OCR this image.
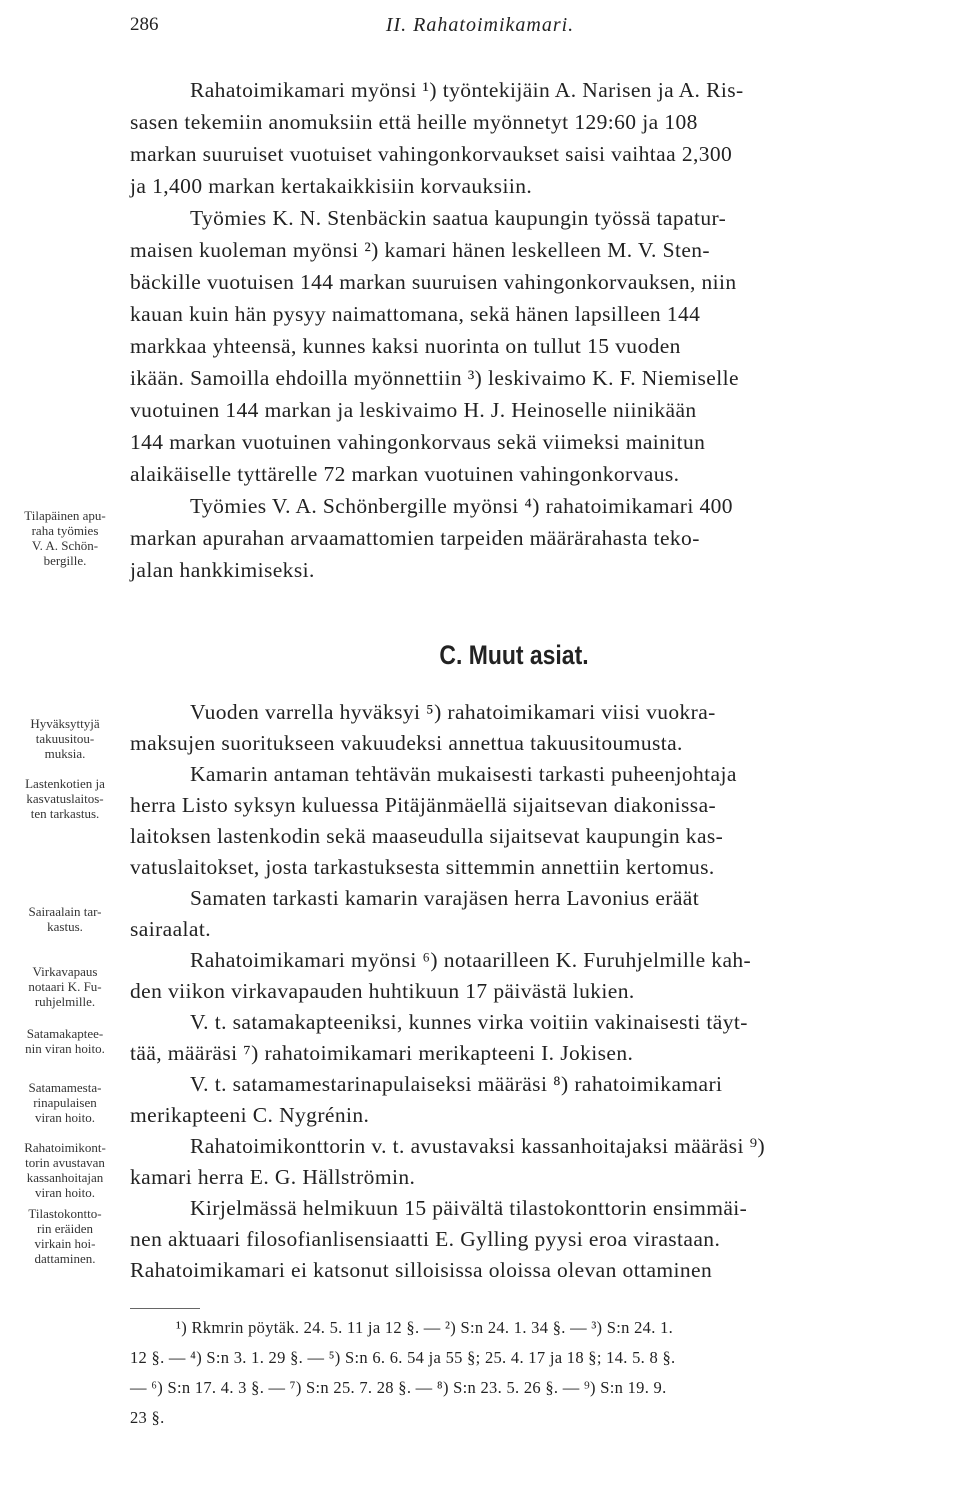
286	II. Rahatoimikamari.
Rahatoimikamari myönsi ¹) työntekijäin A. Narisen ja A. Ris-
sasen tekemiin anomuksiin että heille myönnetyt 129:60 ja 108
markan suuruiset vuotuiset vahingonkorvaukset saisi vaihtaa 2,300
ja 1,400 markan kertakaikkisiin korvauksiin.
Työmies K. N. Stenbäckin saatua kaupungin työssä tapatur-
maisen kuoleman myönsi ²) kamari hänen leskelleen M. V. Sten-
bäckille vuotuisen 144 markan suuruisen vahingonkorvauksen, niin
kauan kuin hän pysyy naimattomana, sekä hänen lapsilleen 144
markkaa yhteensä, kunnes kaksi nuorinta on tullut 15 vuoden
ikään. Samoilla ehdoilla myönnettiin ³) leskivaimo K. F. Niemiselle
vuotuinen 144 markan ja leskivaimo H. J. Heinoselle niinikään
144 markan vuotuinen vahingonkorvaus sekä viimeksi mainitun
alaikäiselle tyttärelle 72 markan vuotuinen vahingonkorvaus.
Työmies V. A. Schönbergille myönsi ⁴) rahatoimikamari 400
markan apurahan arvaamattomien tarpeiden määrärahasta teko-
jalan hankkimiseksi.
C. Muut asiat.
Vuoden varrella hyväksyi ⁵) rahatoimikamari viisi vuokra-
maksujen suoritukseen vakuudeksi annettua takuusitoumusta.
Kamarin antaman tehtävän mukaisesti tarkasti puheenjohtaja
herra Listo syksyn kuluessa Pitäjänmäellä sijaitsevan diakonissa-
laitoksen lastenkodin sekä maaseudulla sijaitsevat kaupungin kas-
vatuslaitokset, josta tarkastuksesta sittemmin annettiin kertomus.
Samaten tarkasti kamarin varajäsen herra Lavonius eräät
sairaalat.
Rahatoimikamari myönsi ⁶) notaarilleen K. Furuhjelmille kah-
den viikon virkavapauden huhtikuun 17 päivästä lukien.
V. t. satamakapteeniksi, kunnes virka voitiin vakinaisesti täyt-
tää, määräsi ⁷) rahatoimikamari merikapteeni I. Jokisen.
V. t. satamamestarinapulaiseksi määräsi ⁸) rahatoimikamari
merikapteeni C. Nygrénin.
Rahatoimikonttorin v. t. avustavaksi kassanhoitajaksi määräsi ⁹)
kamari herra E. G. Hällströmin.
Kirjelmässä helmikuun 15 päivältä tilastokonttorin ensimmäi-
nen aktuaari filosofianlisensiaatti E. Gylling pyysi eroa virastaan.
Rahatoimikamari ei katsonut silloisissa oloissa olevan ottaminen
Tilapäinen apu-
raha työmies
V. A. Schön-
bergille.
Hyväksyttyjä
takuusitou-
muksia.
Lastenkotien ja
kasvatuslaitos-
ten tarkastus.
Sairaalain tar-
kastus.
Virkavapaus
notaari K. Fu-
ruhjelmille.
Satamakaptee-
nin viran hoito.
Satamamesta-
rinapulaisen
viran hoito.
Rahatoimikont-
torin avustavan
kassanhoitajan
viran hoito.
Tilastokontto-
rin eräiden
virkain hoi-
dattaminen.
¹) Rkmrin pöytäk. 24. 5. 11 ja 12 §. — ²) S:n 24. 1. 34 §. — ³) S:n 24. 1.
12 §. — ⁴) S:n 3. 1. 29 §. — ⁵) S:n 6. 6. 54 ja 55 §; 25. 4. 17 ja 18 §; 14. 5. 8 §.
— ⁶) S:n 17. 4. 3 §. — ⁷) S:n 25. 7. 28 §. — ⁸) S:n 23. 5. 26 §. — ⁹) S:n 19. 9.
23 §.
